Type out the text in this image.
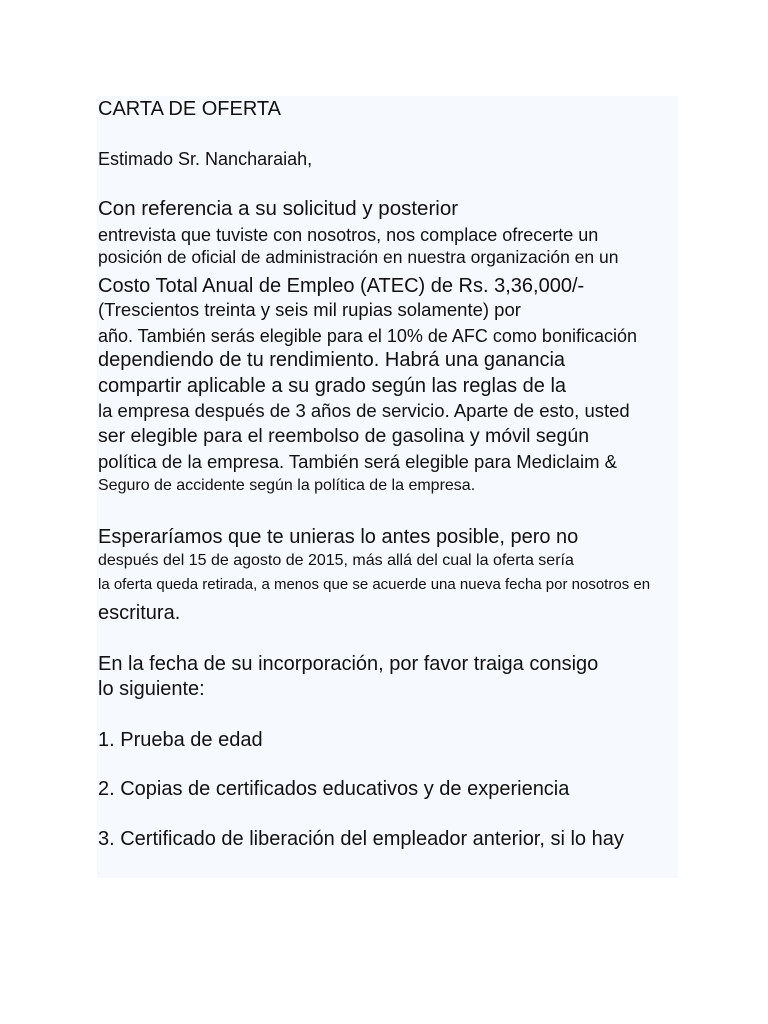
CARTA DE OFERTA
Estimado Sr. Nancharaiah,
Con referencia a su solicitud y posterior
entrevista que tuviste con nosotros, nos complace ofrecerte un
posición de oficial de administración en nuestra organización en un
Costo Total Anual de Empleo (ATEC) de Rs. 3,36,000/-
(Trescientos treinta y seis mil rupias solamente) por
año. También serás elegible para el 10% de AFC como bonificación
dependiendo de tu rendimiento. Habrá una ganancia
compartir aplicable a su grado según las reglas de la
la empresa después de 3 años de servicio. Aparte de esto, usted
ser elegible para el reembolso de gasolina y móvil según
política de la empresa. También será elegible para Mediclaim &
Seguro de accidente según la política de la empresa.
Esperaríamos que te unieras lo antes posible, pero no
después del 15 de agosto de 2015, más allá del cual la oferta sería
la oferta queda retirada, a menos que se acuerde una nueva fecha por nosotros en
escritura.
En la fecha de su incorporación, por favor traiga consigo
lo siguiente:
1. Prueba de edad
2. Copias de certificados educativos y de experiencia
3. Certificado de liberación del empleador anterior, si lo hay
